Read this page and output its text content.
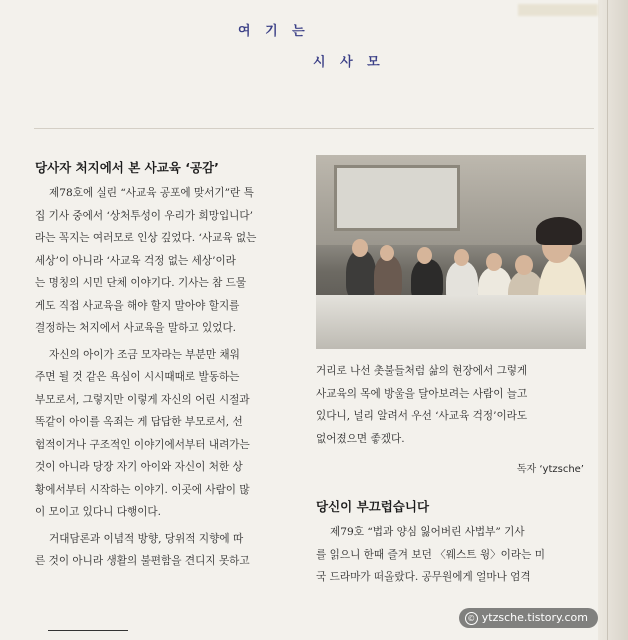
여 기 는
시 사 모

당사자 처지에서 본 사교육 ‘공감’

제78호에 실린 “사교육 공포에 맞서기”란 특
집 기사 중에서 ‘상처투성이 우리가 희망입니다’
라는 꼭지는 여러모로 인상 깊었다. ‘사교육 없는
세상’이 아니라 ‘사교육 걱정 없는 세상’이라
는 명칭의 시민 단체 이야기다. 기사는 참 드물
게도 직접 사교육을 해야 할지 말아야 할지를
결정하는 처지에서 사교육을 말하고 있었다.
자신의 아이가 조금 모자라는 부분만 채워
주면 될 것 같은 욕심이 시시때때로 발동하는
부모로서, 그렇지만 이렇게 자신의 어린 시절과
똑같이 아이를 옥죄는 게 답답한 부모로서, 선
험적이거나 구조적인 이야기에서부터 내려가는
것이 아니라 당장 자기 아이와 자신이 처한 상
황에서부터 시작하는 이야기. 이곳에 사람이 많
이 모이고 있다니 다행이다.
거대담론과 이념적 방향, 당위적 지향에 따
른 것이 아니라 생활의 불편함을 견디지 못하고
거리로 나선 촛불들처럼 삶의 현장에서 그렇게
사교육의 목에 방울을 달아보려는 사람이 늘고
있다니, 널리 알려서 우선 ‘사교육 걱정’이라도
없어졌으면 좋겠다.
독자 ‘ytzsche’

당신이 부끄럽습니다

제79호 “법과 양심 잃어버린 사법부” 기사
를 읽으니 한때 즐겨 보던 〈웨스트 윙〉이라는 미
국 드라마가 떠올랐다. 공무원에게 얼마나 엄격
© ytzsche.tistory.com
